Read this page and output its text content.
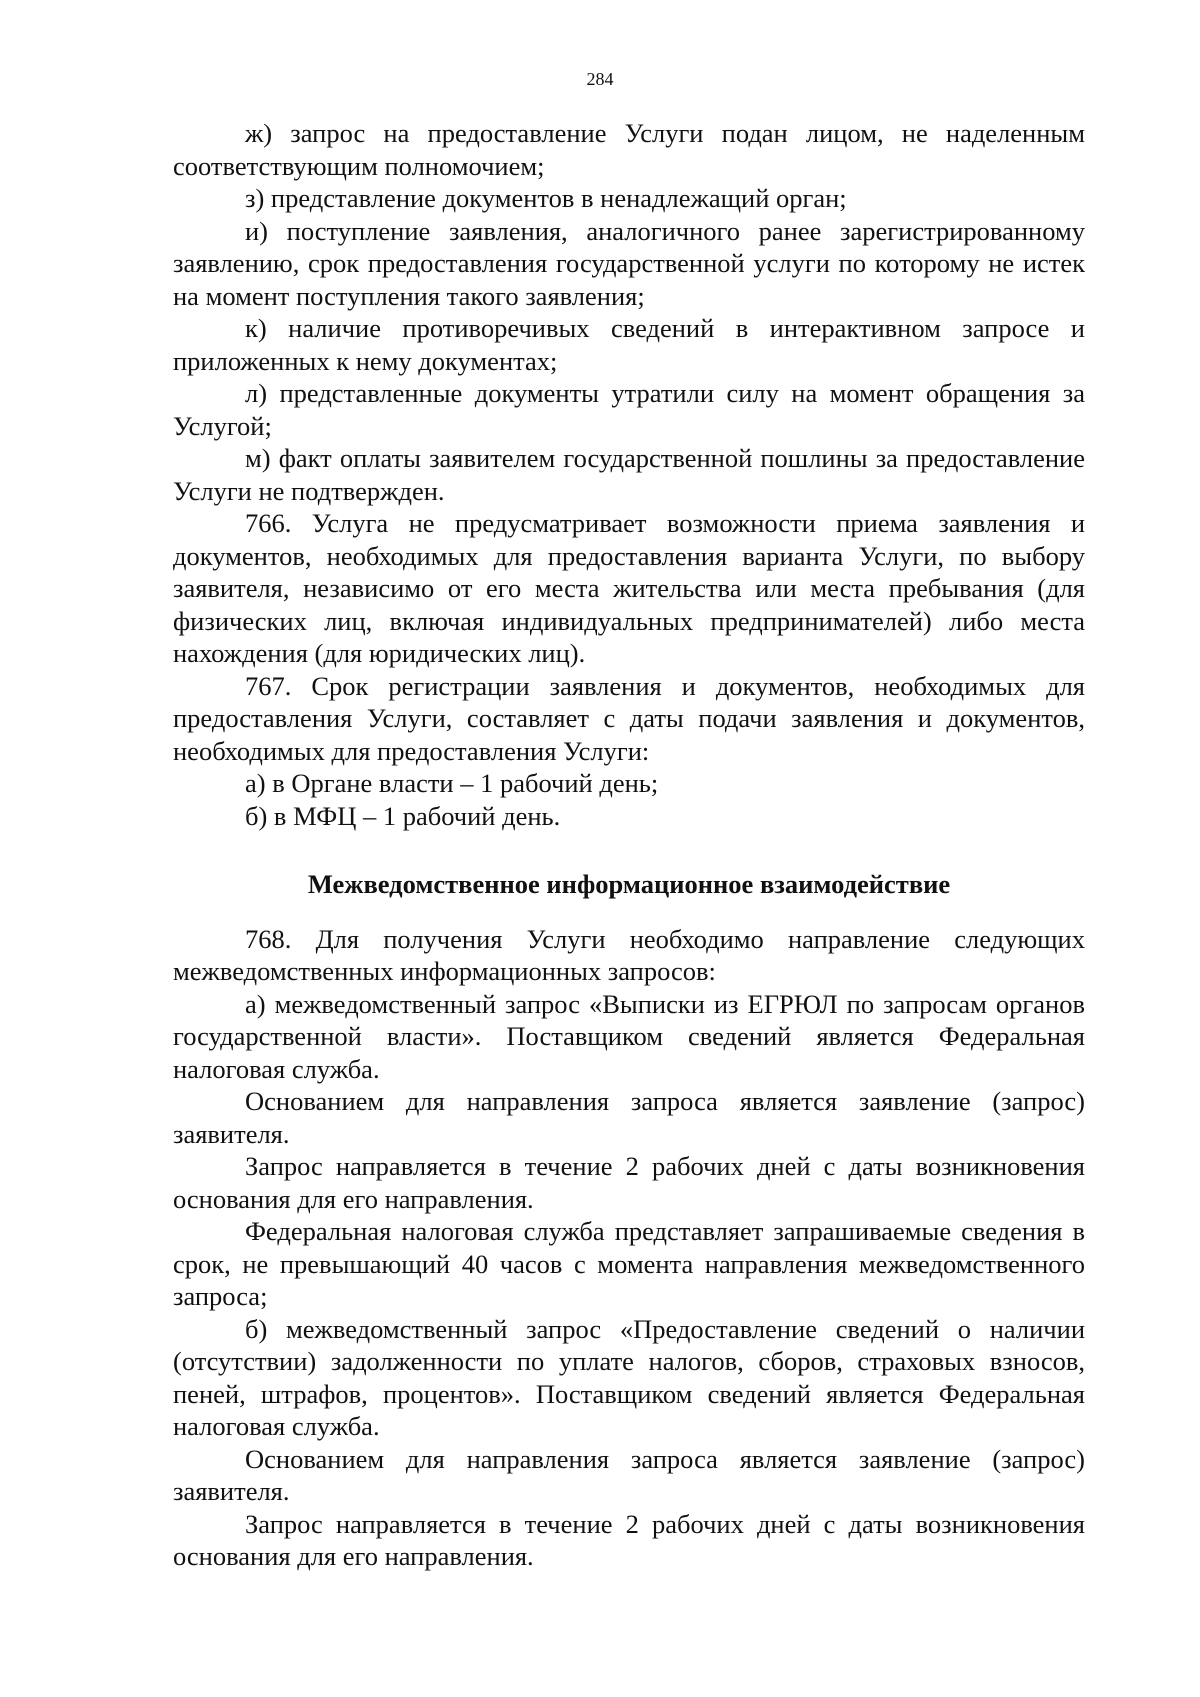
284

ж) запрос на предоставление Услуги подан лицом, не наделенным соответствующим полномочием;

з) представление документов в ненадлежащий орган;

и) поступление заявления, аналогичного ранее зарегистрированному заявлению, срок предоставления государственной услуги по которому не истек на момент поступления такого заявления;

к) наличие противоречивых сведений в интерактивном запросе и приложенных к нему документах;

л) представленные документы утратили силу на момент обращения за Услугой;

м) факт оплаты заявителем государственной пошлины за предоставление Услуги не подтвержден.

766. Услуга не предусматривает возможности приема заявления и документов, необходимых для предоставления варианта Услуги, по выбору заявителя, независимо от его места жительства или места пребывания (для физических лиц, включая индивидуальных предпринимателей) либо места нахождения (для юридических лиц).

767. Срок регистрации заявления и документов, необходимых для предоставления Услуги, составляет с даты подачи заявления и документов, необходимых для предоставления Услуги:

а) в Органе власти – 1 рабочий день;

б) в МФЦ – 1 рабочий день.

Межведомственное информационное взаимодействие

768. Для получения Услуги необходимо направление следующих межведомственных информационных запросов:

а) межведомственный запрос «Выписки из ЕГРЮЛ по запросам органов государственной власти». Поставщиком сведений является Федеральная налоговая служба.

Основанием для направления запроса является заявление (запрос) заявителя.

Запрос направляется в течение 2 рабочих дней с даты возникновения основания для его направления.

Федеральная налоговая служба представляет запрашиваемые сведения в срок, не превышающий 40 часов с момента направления межведомственного запроса;

б) межведомственный запрос «Предоставление сведений о наличии (отсутствии) задолженности по уплате налогов, сборов, страховых взносов, пеней, штрафов, процентов». Поставщиком сведений является Федеральная налоговая служба.

Основанием для направления запроса является заявление (запрос) заявителя.

Запрос направляется в течение 2 рабочих дней с даты возникновения основания для его направления.
